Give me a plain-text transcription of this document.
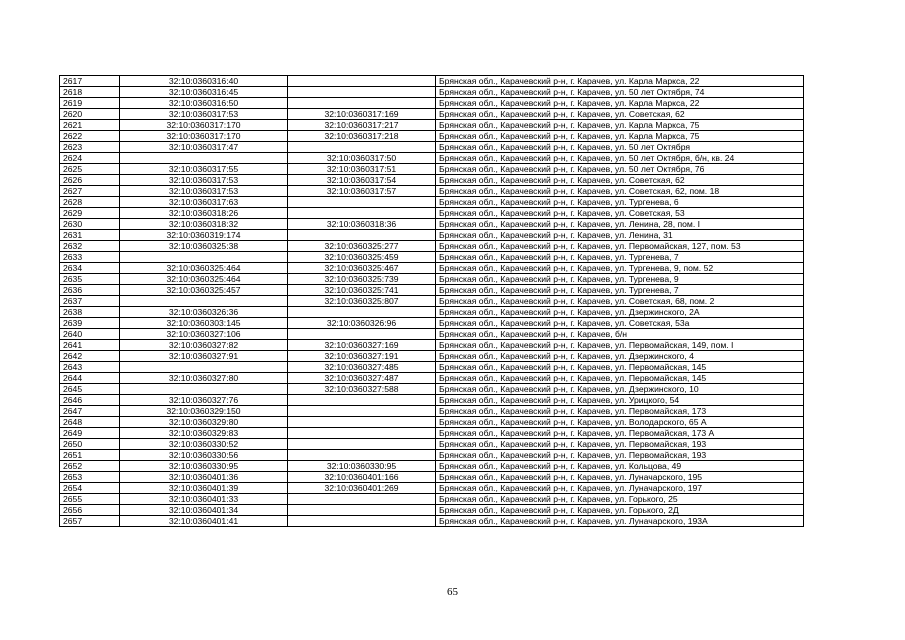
2617	32:10:0360316:40		Брянская обл., Карачевский р-н, г. Карачев, ул. Карла Маркса, 22
2618	32:10:0360316:45		Брянская обл., Карачевский р-н, г. Карачев, ул. 50 лет Октября, 74
2619	32:10:0360316:50		Брянская обл., Карачевский р-н, г. Карачев, ул. Карла Маркса, 22
2620	32:10:0360317:53	32:10:0360317:169	Брянская обл., Карачевский р-н, г. Карачев, ул. Советская, 62
2621	32:10:0360317:170	32:10:0360317:217	Брянская обл., Карачевский р-н, г. Карачев, ул. Карла Маркса, 75
2622	32:10:0360317:170	32:10:0360317:218	Брянская обл., Карачевский р-н, г. Карачев, ул. Карла Маркса, 75
2623	32:10:0360317:47		Брянская обл., Карачевский р-н, г. Карачев, ул. 50 лет Октября
2624		32:10:0360317:50	Брянская обл., Карачевский р-н, г. Карачев, ул. 50 лет Октября, б/н, кв. 24
2625	32:10:0360317:55	32:10:0360317:51	Брянская обл., Карачевский р-н, г. Карачев, ул. 50 лет Октября, 76
2626	32:10:0360317:53	32:10:0360317:54	Брянская обл., Карачевский р-н, г. Карачев, ул. Советская, 62
2627	32:10:0360317:53	32:10:0360317:57	Брянская обл., Карачевский р-н, г. Карачев, ул. Советская, 62, пом. 18
2628	32:10:0360317:63		Брянская обл., Карачевский р-н, г. Карачев, ул. Тургенева, 6
2629	32:10:0360318:26		Брянская обл., Карачевский р-н, г. Карачев, ул. Советская, 53
2630	32:10:0360318:32	32:10:0360318:36	Брянская обл., Карачевский р-н, г. Карачев, ул. Ленина, 28, пом. I
2631	32:10:0360319:174		Брянская обл., Карачевский р-н, г. Карачев, ул. Ленина, 31
2632	32:10:0360325:38	32:10:0360325:277	Брянская обл., Карачевский р-н, г. Карачев, ул. Первомайская, 127, пом. 53
2633		32:10:0360325:459	Брянская обл., Карачевский р-н, г. Карачев, ул. Тургенева, 7
2634	32:10:0360325:464	32:10:0360325:467	Брянская обл., Карачевский р-н, г. Карачев, ул. Тургенева, 9, пом. 52
2635	32:10:0360325:464	32:10:0360325:739	Брянская обл., Карачевский р-н, г. Карачев, ул. Тургенева, 9
2636	32:10:0360325:457	32:10:0360325:741	Брянская обл., Карачевский р-н, г. Карачев, ул. Тургенева, 7
2637		32:10:0360325:807	Брянская обл., Карачевский р-н, г. Карачев, ул. Советская, 68, пом. 2
2638	32:10:0360326:36		Брянская обл., Карачевский р-н, г. Карачев, ул. Дзержинского, 2А
2639	32:10:0360303:145	32:10:0360326:96	Брянская обл., Карачевский р-н, г. Карачев, ул. Советская, 53а
2640	32:10:0360327:106		Брянская обл., Карачевский р-н, г. Карачев, б/н
2641	32:10:0360327:82	32:10:0360327:169	Брянская обл., Карачевский р-н, г. Карачев, ул. Первомайская, 149, пом. I
2642	32:10:0360327:91	32:10:0360327:191	Брянская обл., Карачевский р-н, г. Карачев, ул. Дзержинского, 4
2643		32:10:0360327:485	Брянская обл., Карачевский р-н, г. Карачев, ул. Первомайская, 145
2644	32:10:0360327:80	32:10:0360327:487	Брянская обл., Карачевский р-н, г. Карачев, ул. Первомайская, 145
2645		32:10:0360327:588	Брянская обл., Карачевский р-н, г. Карачев, ул. Дзержинского, 10
2646	32:10:0360327:76		Брянская обл., Карачевский р-н, г. Карачев, ул. Урицкого, 54
2647	32:10:0360329:150		Брянская обл., Карачевский р-н, г. Карачев, ул. Первомайская, 173
2648	32:10:0360329:80		Брянская обл., Карачевский р-н, г. Карачев, ул. Володарского, 65 А
2649	32:10:0360329:83		Брянская обл., Карачевский р-н, г. Карачев, ул. Первомайская, 173 А
2650	32:10:0360330:52		Брянская обл., Карачевский р-н, г. Карачев, ул. Первомайская, 193
2651	32:10:0360330:56		Брянская обл., Карачевский р-н, г. Карачев, ул. Первомайская, 193
2652	32:10:0360330:95	32:10:0360330:95	Брянская обл., Карачевский р-н, г. Карачев, ул. Кольцова, 49
2653	32:10:0360401:36	32:10:0360401:166	Брянская обл., Карачевский р-н, г. Карачев, ул. Луначарского, 195
2654	32:10:0360401:39	32:10:0360401:269	Брянская обл., Карачевский р-н, г. Карачев, ул. Луначарского, 197
2655	32:10:0360401:33		Брянская обл., Карачевский р-н, г. Карачев, ул. Горького, 25
2656	32:10:0360401:34		Брянская обл., Карачевский р-н, г. Карачев, ул. Горького, 2Д
2657	32:10:0360401:41		Брянская обл., Карачевский р-н, г. Карачев, ул. Луначарского, 193А
65
